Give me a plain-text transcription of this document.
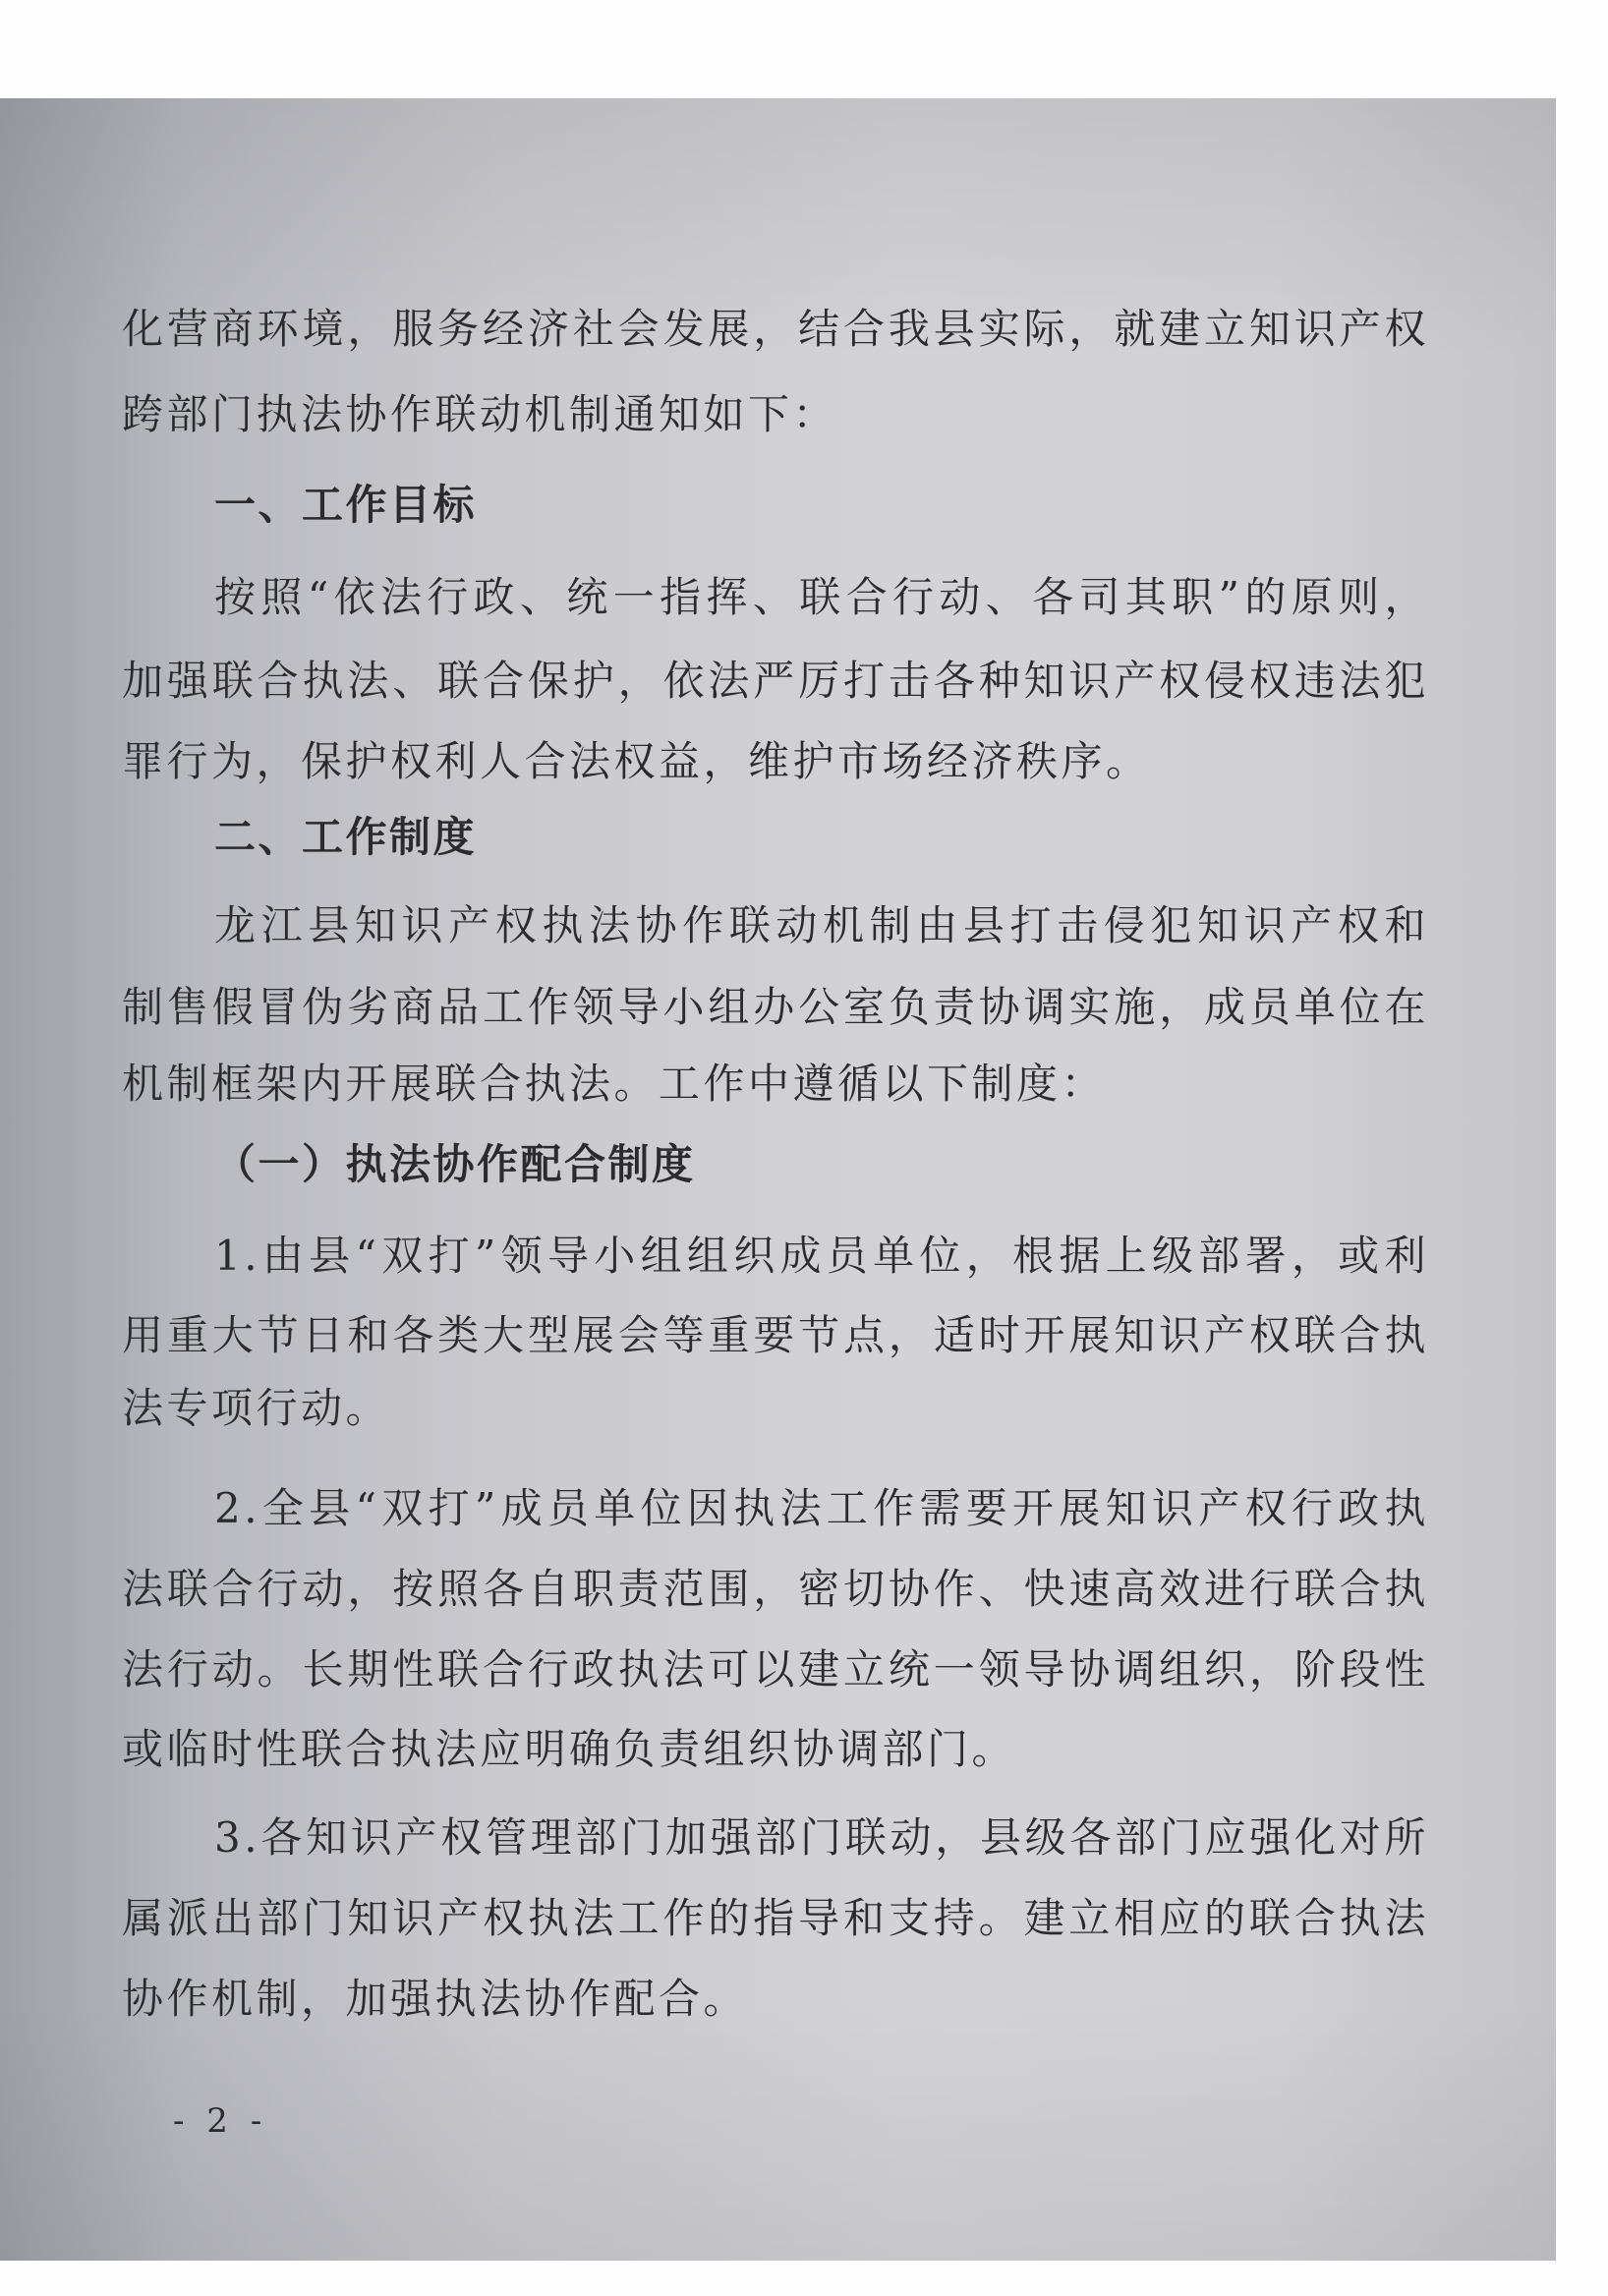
化营商环境，服务经济社会发展，结合我县实际，就建立知识产权
跨部门执法协作联动机制通知如下：
一、工作目标
按照“依法行政、统一指挥、联合行动、各司其职”的原则，
加强联合执法、联合保护，依法严厉打击各种知识产权侵权违法犯
罪行为，保护权利人合法权益，维护市场经济秩序。
二、工作制度
龙江县知识产权执法协作联动机制由县打击侵犯知识产权和
制售假冒伪劣商品工作领导小组办公室负责协调实施，成员单位在
机制框架内开展联合执法。工作中遵循以下制度：
（一）执法协作配合制度
1.由县“双打”领导小组组织成员单位，根据上级部署，或利
用重大节日和各类大型展会等重要节点，适时开展知识产权联合执
法专项行动。
2.全县“双打”成员单位因执法工作需要开展知识产权行政执
法联合行动，按照各自职责范围，密切协作、快速高效进行联合执
法行动。长期性联合行政执法可以建立统一领导协调组织，阶段性
或临时性联合执法应明确负责组织协调部门。
3.各知识产权管理部门加强部门联动，县级各部门应强化对所
属派出部门知识产权执法工作的指导和支持。建立相应的联合执法
协作机制，加强执法协作配合。
- 2 -
